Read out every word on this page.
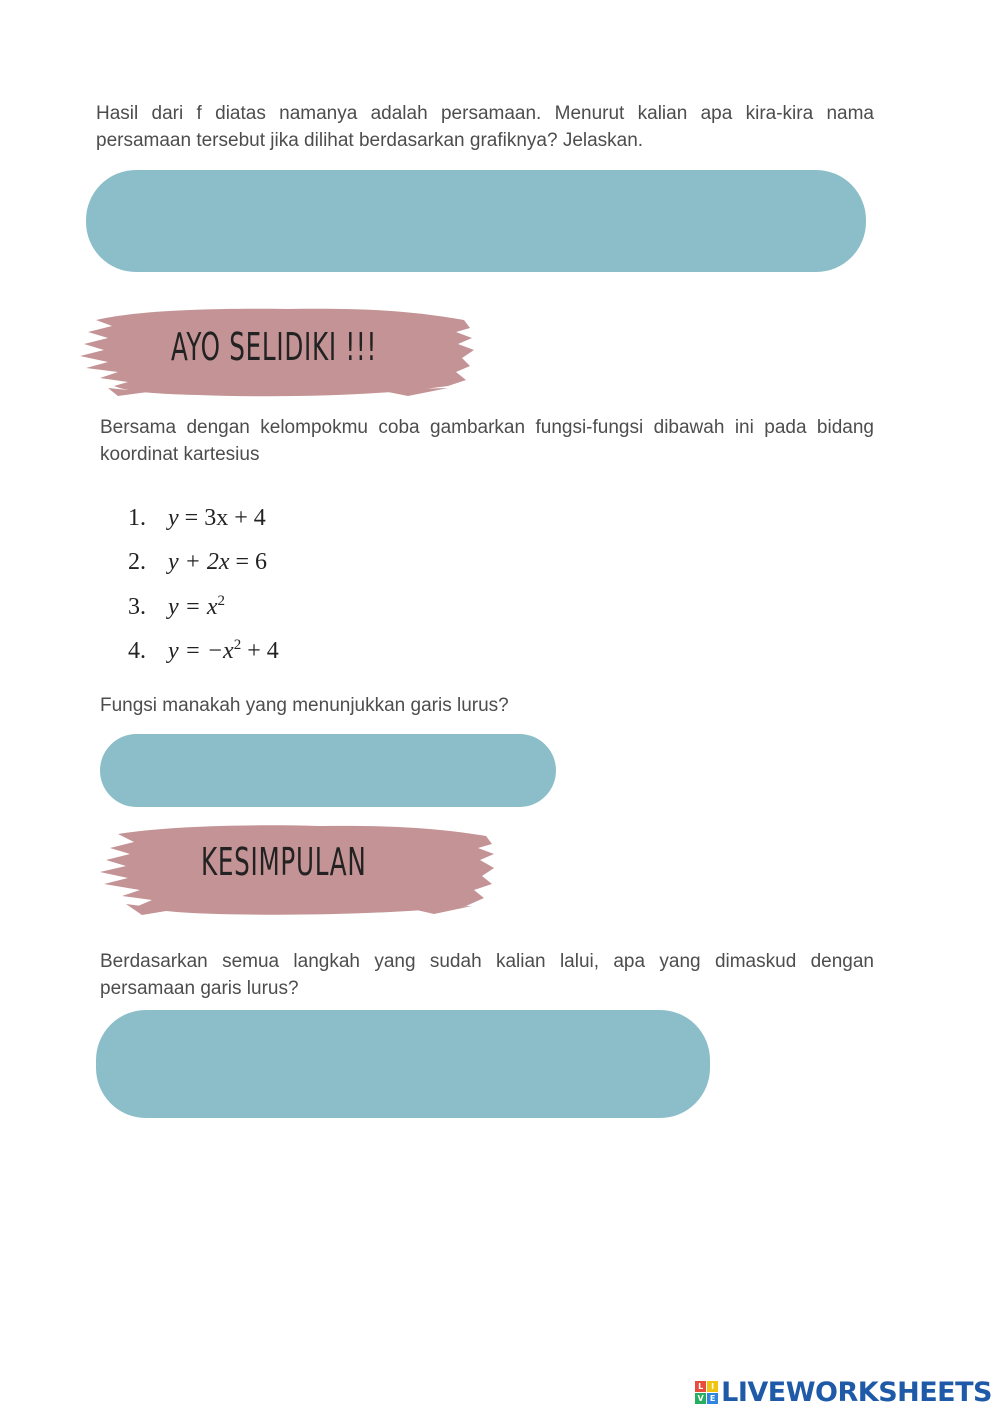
Hasil dari f diatas namanya adalah persamaan. Menurut kalian apa kira-kira nama persamaan tersebut jika dilihat berdasarkan grafiknya? Jelaskan.

AYO SELIDIKI !!!

Bersama dengan kelompokmu coba gambarkan fungsi-fungsi dibawah ini pada bidang koordinat kartesius

1. y = 3x + 4
2. y + 2x = 6
3. $y = x^2$
4. $y = -x^2 + 4$

Fungsi manakah yang menunjukkan garis lurus?

KESIMPULAN

Berdasarkan semua langkah yang sudah kalian lalui, apa yang dimaskud dengan persamaan garis lurus?

L I
V E LIVEWORKSHEETS
